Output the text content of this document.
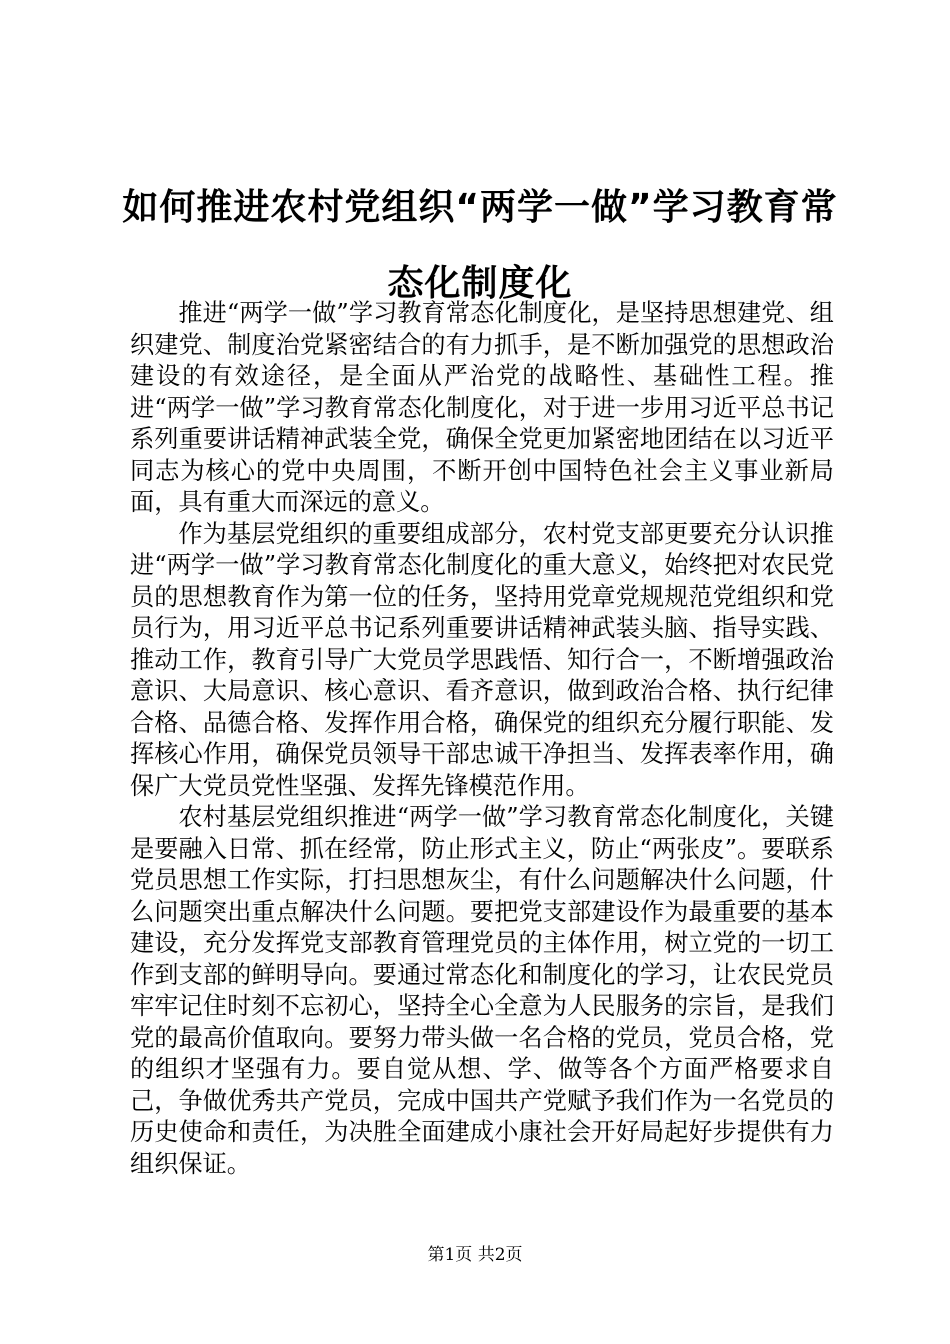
如何推进农村党组织“两学一做”学习教育常态化制度化

推进“两学一做”学习教育常态化制度化，是坚持思想建党、组织建党、制度治党紧密结合的有力抓手，是不断加强党的思想政治建设的有效途径，是全面从严治党的战略性、基础性工程。推进“两学一做”学习教育常态化制度化，对于进一步用习近平总书记系列重要讲话精神武装全党，确保全党更加紧密地团结在以习近平同志为核心的党中央周围，不断开创中国特色社会主义事业新局面，具有重大而深远的意义。

作为基层党组织的重要组成部分，农村党支部更要充分认识推进“两学一做”学习教育常态化制度化的重大意义，始终把对农民党员的思想教育作为第一位的任务，坚持用党章党规规范党组织和党员行为，用习近平总书记系列重要讲话精神武装头脑、指导实践、推动工作，教育引导广大党员学思践悟、知行合一，不断增强政治意识、大局意识、核心意识、看齐意识，做到政治合格、执行纪律合格、品德合格、发挥作用合格，确保党的组织充分履行职能、发挥核心作用，确保党员领导干部忠诚干净担当、发挥表率作用，确保广大党员党性坚强、发挥先锋模范作用。

农村基层党组织推进“两学一做”学习教育常态化制度化，关键是要融入日常、抓在经常，防止形式主义，防止“两张皮”。要联系党员思想工作实际，打扫思想灰尘，有什么问题解决什么问题，什么问题突出重点解决什么问题。要把党支部建设作为最重要的基本建设，充分发挥党支部教育管理党员的主体作用，树立党的一切工作到支部的鲜明导向。要通过常态化和制度化的学习，让农民党员牢牢记住时刻不忘初心，坚持全心全意为人民服务的宗旨，是我们党的最高价值取向。要努力带头做一名合格的党员，党员合格，党的组织才坚强有力。要自觉从想、学、做等各个方面严格要求自己，争做优秀共产党员，完成中国共产党赋予我们作为一名党员的历史使命和责任，为决胜全面建成小康社会开好局起好步提供有力组织保证。

第1页 共2页
